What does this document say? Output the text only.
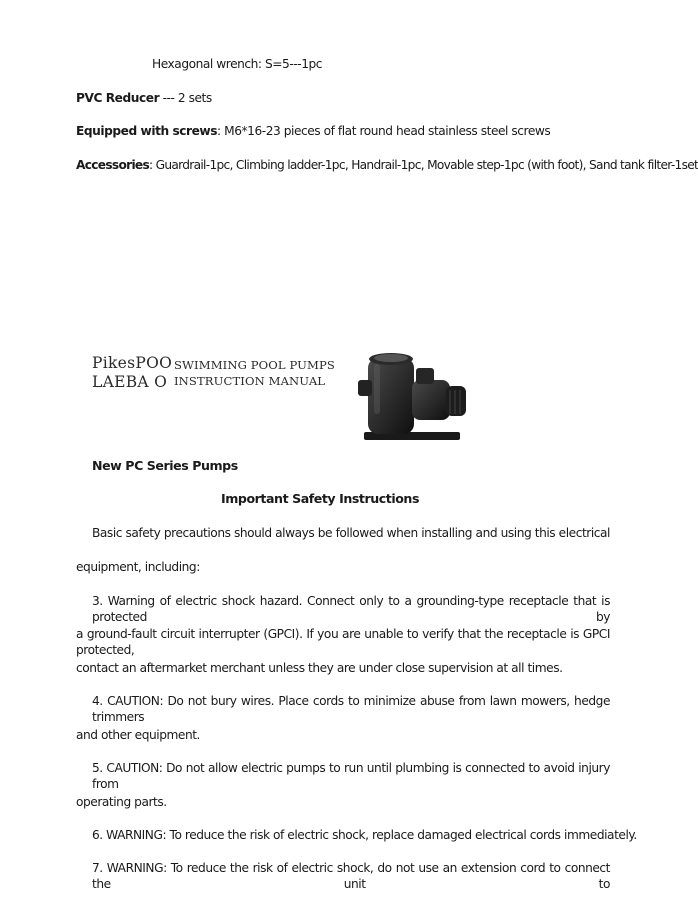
Hexagonal wrench: S=5---1pc
PVC Reducer --- 2 sets
Equipped with screws: M6*16-23 pieces of flat round head stainless steel screws
Accessories: Guardrail-1pc, Climbing ladder-1pc, Handrail-1pc, Movable step-1pc (with foot), Sand tank filter-1set
PikesPOO
LAEBA O
SWIMMING POOL PUMPS
INSTRUCTION MANUAL
New PC Series Pumps
Important Safety Instructions
Basic safety precautions should always be followed when installing and using this electrical
equipment, including:
3. Warning of electric shock hazard. Connect only to a grounding-type receptacle that is protected by
a ground-fault circuit interrupter (GPCI). If you are unable to verify that the receptacle is GPCI protected,
contact an aftermarket merchant unless they are under close supervision at all times.
4. CAUTION: Do not bury wires. Place cords to minimize abuse from lawn mowers, hedge trimmers
and other equipment.
5. CAUTION: Do not allow electric pumps to run until plumbing is connected to avoid injury from
operating parts.
6. WARNING: To reduce the risk of electric shock, replace damaged electrical cords immediately.
7. WARNING: To reduce the risk of electric shock, do not use an extension cord to connect the unit to
